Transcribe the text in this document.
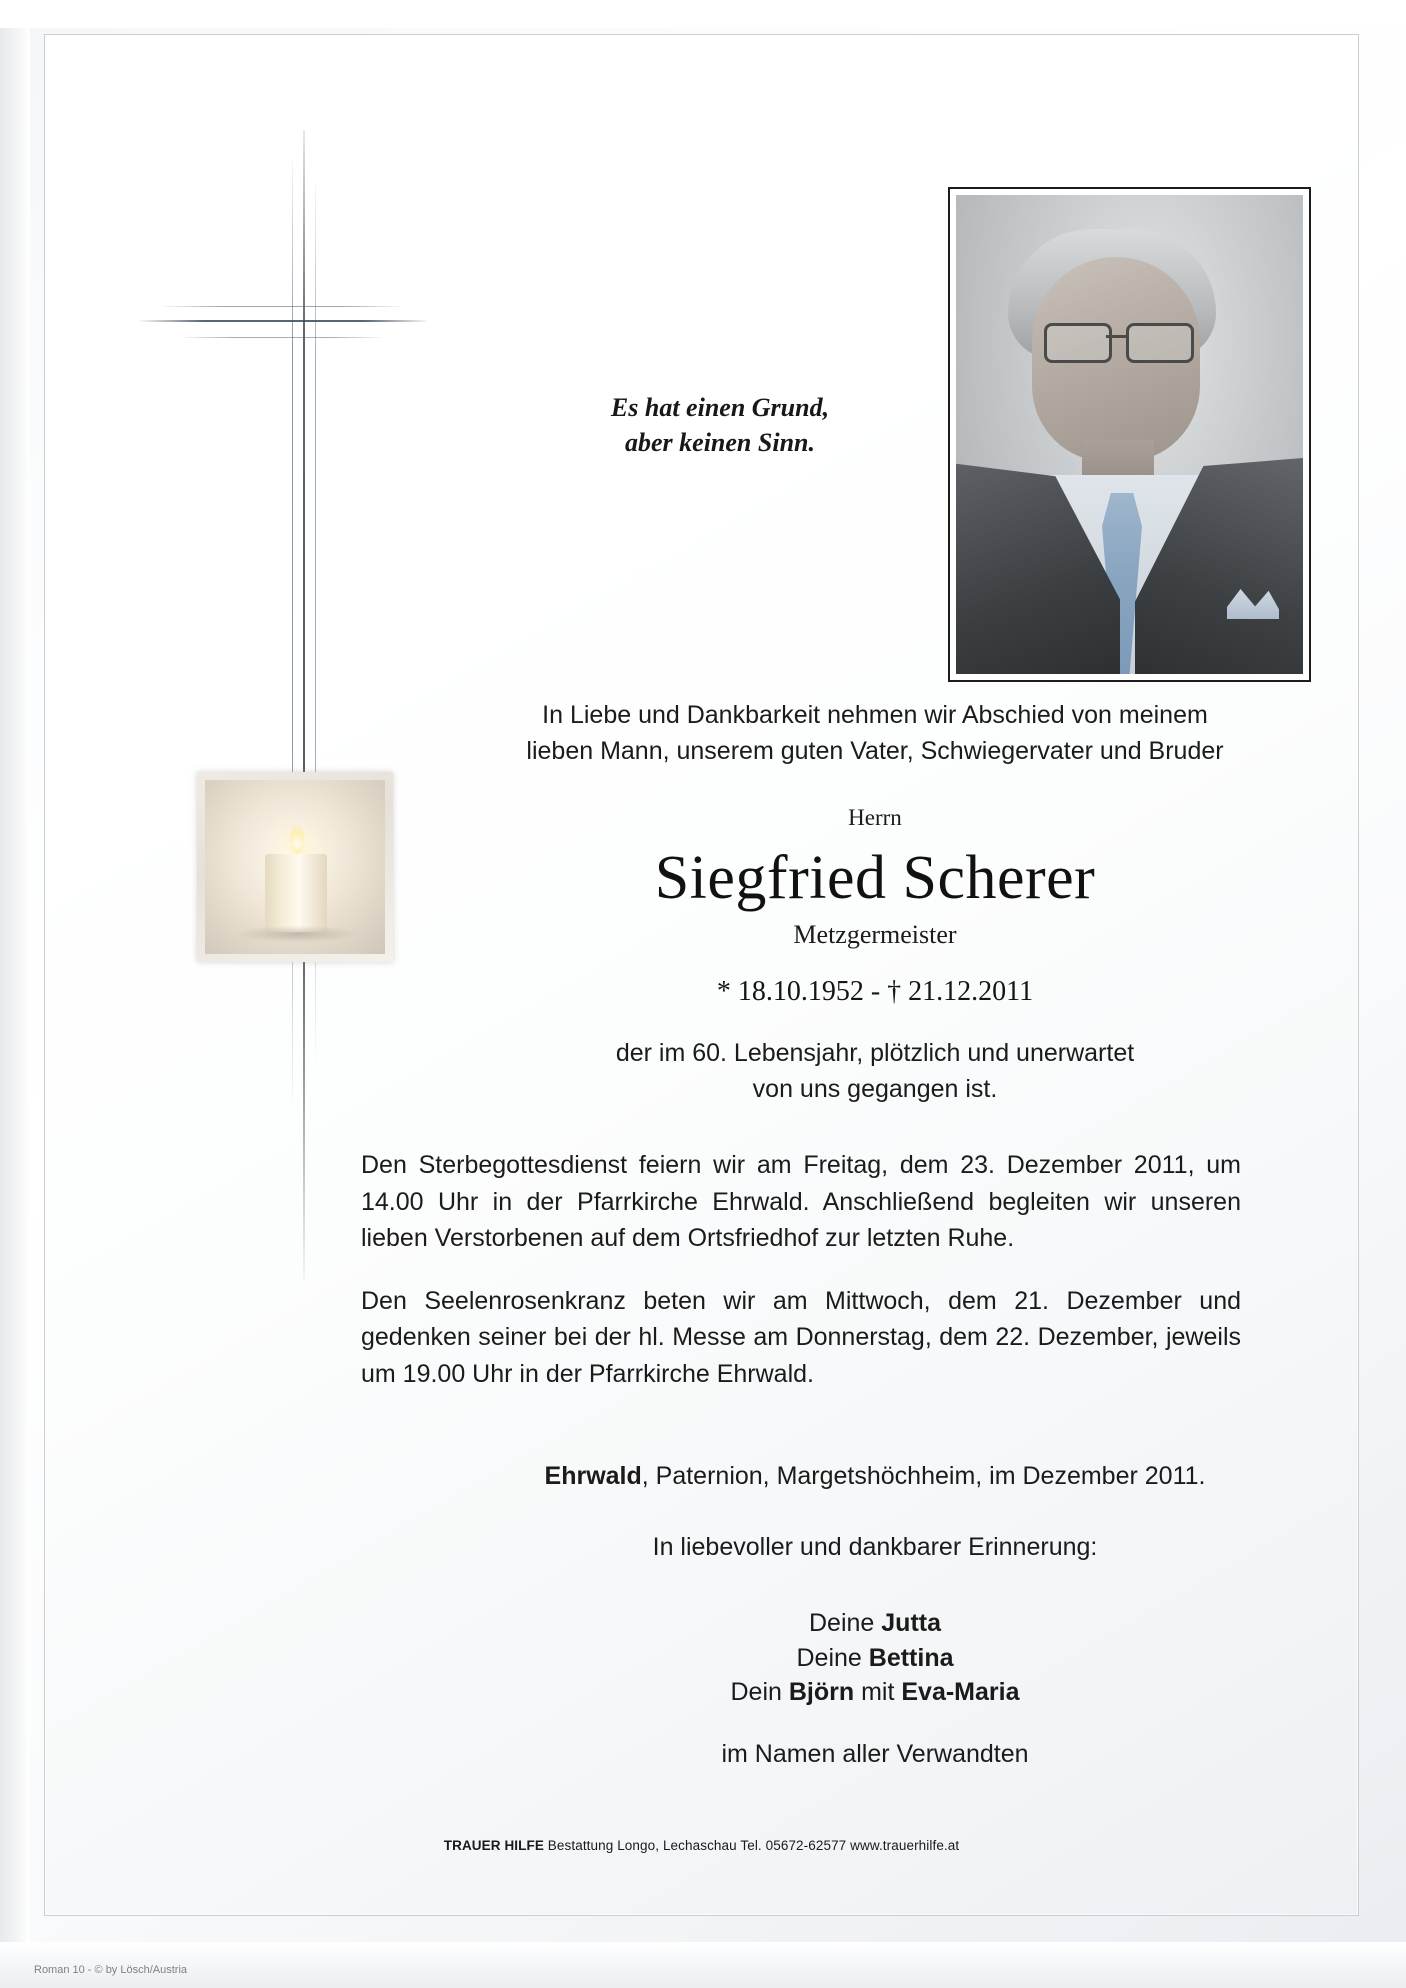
Es hat einen Grund,
aber keinen Sinn.
In Liebe und Dankbarkeit nehmen wir Abschied von meinem
lieben Mann, unserem guten Vater, Schwiegervater und Bruder
Herrn
Siegfried Scherer
Metzgermeister
* 18.10.1952 - † 21.12.2011
der im 60. Lebensjahr, plötzlich und unerwartet
von uns gegangen ist.
Den Sterbegottesdienst feiern wir am Freitag, dem 23. Dezember 2011, um 14.00 Uhr in der Pfarrkirche Ehrwald. Anschließend begleiten wir unseren lieben Verstorbenen auf dem Ortsfriedhof zur letzten Ruhe.
Den Seelenrosenkranz beten wir am Mittwoch, dem 21. Dezember und gedenken seiner bei der hl. Messe am Donnerstag, dem 22. Dezember, jeweils um 19.00 Uhr in der Pfarrkirche Ehrwald.
Ehrwald, Paternion, Margetshöchheim, im Dezember 2011.
In liebevoller und dankbarer Erinnerung:
Deine Jutta
Deine Bettina
Dein Björn mit Eva-Maria
im Namen aller Verwandten
TRAUER HILFE Bestattung Longo, Lechaschau Tel. 05672-62577 www.trauerhilfe.at
Roman 10 - © by Lösch/Austria
